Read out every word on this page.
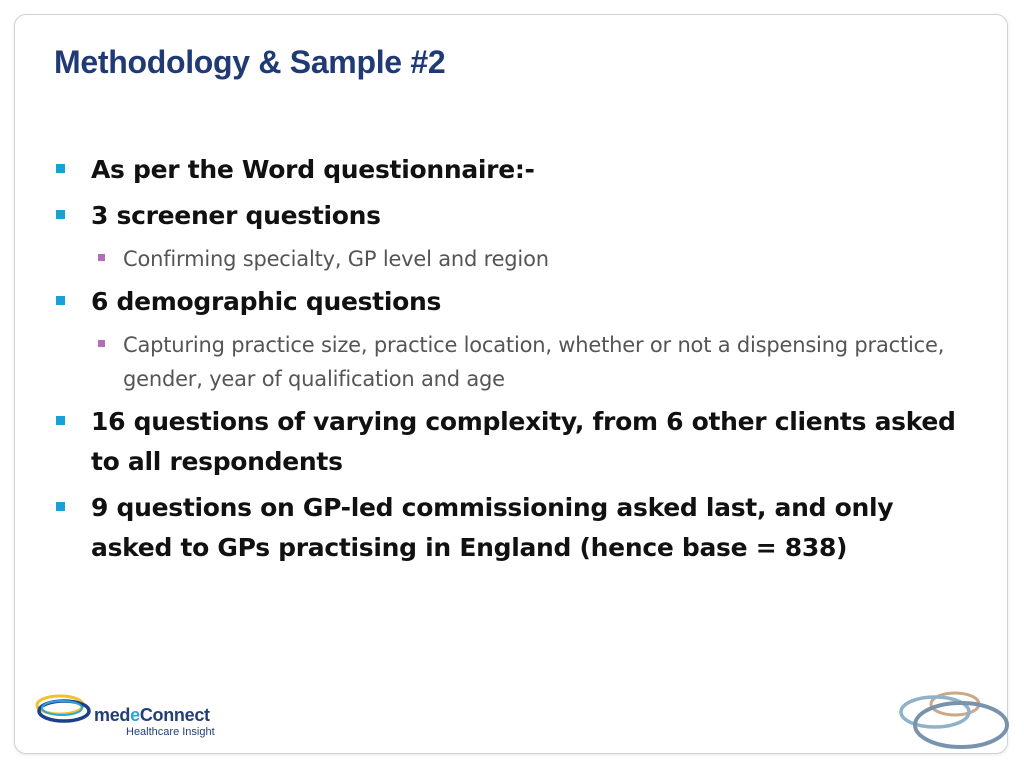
Methodology & Sample #2
As per the Word questionnaire:-
3 screener questions
Confirming specialty, GP level and region
6 demographic questions
Capturing practice size, practice location, whether or not a dispensing practice, gender, year of qualification and age
16 questions of varying complexity, from 6 other clients asked to all respondents
9 questions on GP-led commissioning asked last, and only asked to GPs practising in England (hence base = 838)
medeConnect
Healthcare Insight
